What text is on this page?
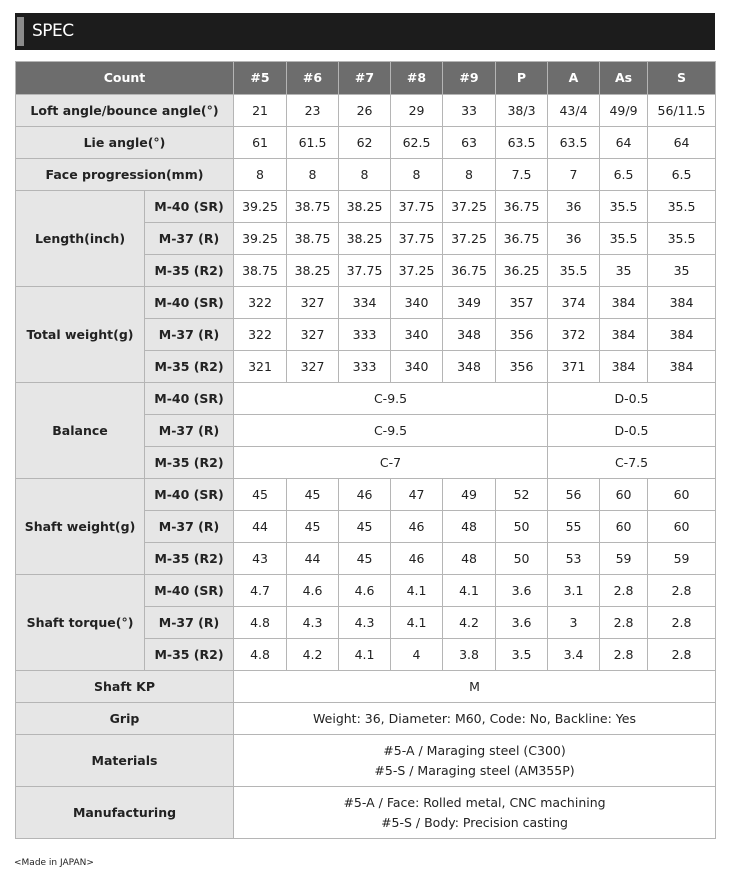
SPEC
Count		#5	#6	#7	#8	#9	P	A	As	S
Loft angle/bounce angle(°)		21	23	26	29	33	38/3	43/4	49/9	56/11.5
Lie angle(°)		61	61.5	62	62.5	63	63.5	63.5	64	64
Face progression(mm)		8	8	8	8	8	7.5	7	6.5	6.5
Length(inch)	M-40 (SR)	39.25	38.75	38.25	37.75	37.25	36.75	36	35.5	35.5
	M-37 (R)	39.25	38.75	38.25	37.75	37.25	36.75	36	35.5	35.5
	M-35 (R2)	38.75	38.25	37.75	37.25	36.75	36.25	35.5	35	35
Total weight(g)	M-40 (SR)	322	327	334	340	349	357	374	384	384
	M-37 (R)	322	327	333	340	348	356	372	384	384
	M-35 (R2)	321	327	333	340	348	356	371	384	384
Balance	M-40 (SR)	C-9.5						D-0.5		
	M-37 (R)	C-9.5						D-0.5		
	M-35 (R2)	C-7						C-7.5		
Shaft weight(g)	M-40 (SR)	45	45	46	47	49	52	56	60	60
	M-37 (R)	44	45	45	46	48	50	55	60	60
	M-35 (R2)	43	44	45	46	48	50	53	59	59
Shaft torque(°)	M-40 (SR)	4.7	4.6	4.6	4.1	4.1	3.6	3.1	2.8	2.8
	M-37 (R)	4.8	4.3	4.3	4.1	4.2	3.6	3	2.8	2.8
	M-35 (R2)	4.8	4.2	4.1	4	3.8	3.5	3.4	2.8	2.8
Shaft KP		M								
Grip		Weight: 36, Diameter: M60, Code: No, Backline: Yes								
Materials		#5-A / Maraging steel (C300)
#5-S / Maraging steel (AM355P)								

Manufacturing		#5-A / Face: Rolled metal, CNC machining
#5-S / Body: Precision casting								
<Made in JAPAN>
